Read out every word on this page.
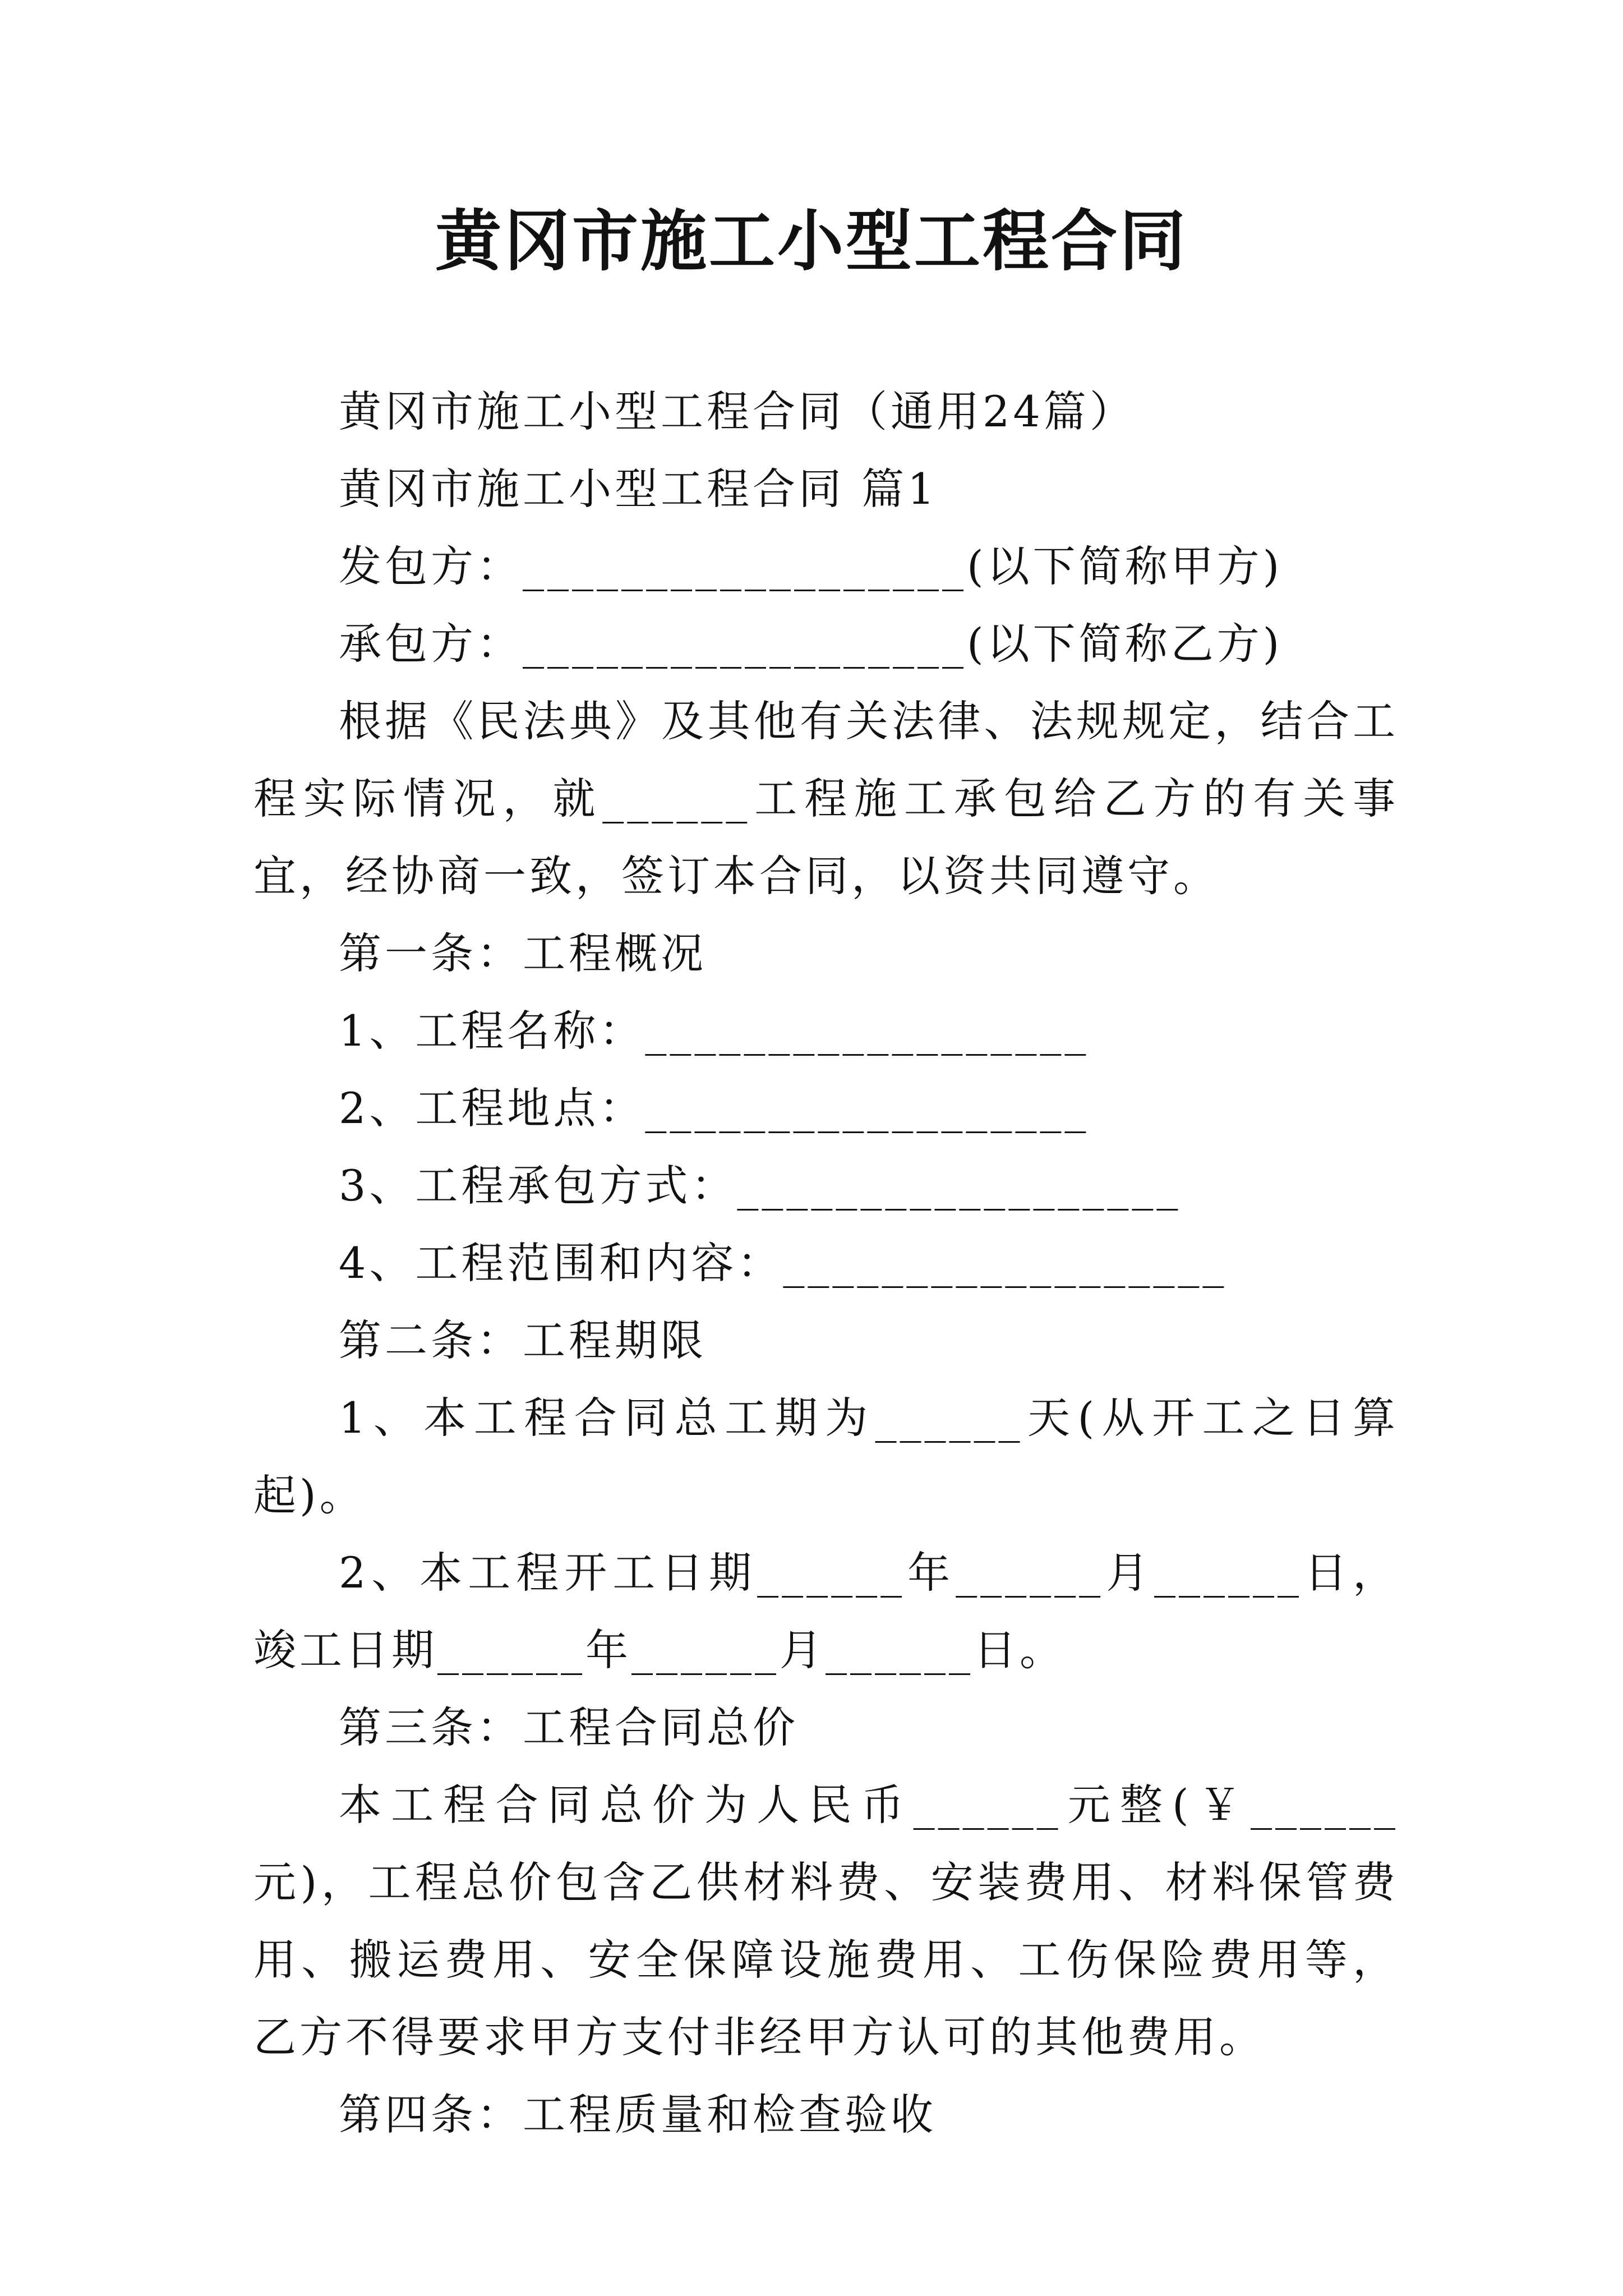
黄冈市施工小型工程合同

黄冈市施工小型工程合同（通用24篇）

黄冈市施工小型工程合同 篇1

发包方：__________________(以下简称甲方)

承包方：__________________(以下简称乙方)

根据《民法典》及其他有关法律、法规规定，结合工程实际情况，就______工程施工承包给乙方的有关事宜，经协商一致，签订本合同，以资共同遵守。

第一条：工程概况

1、工程名称：__________________

2、工程地点：__________________

3、工程承包方式：__________________

4、工程范围和内容：__________________

第二条：工程期限

1、本工程合同总工期为______天(从开工之日算起)。

2、本工程开工日期______年______月______日，竣工日期______年______月______日。

第三条：工程合同总价

本工程合同总价为人民币______元整(￥______元)，工程总价包含乙供材料费、安装费用、材料保管费用、搬运费用、安全保障设施费用、工伤保险费用等，乙方不得要求甲方支付非经甲方认可的其他费用。

第四条：工程质量和检查验收
